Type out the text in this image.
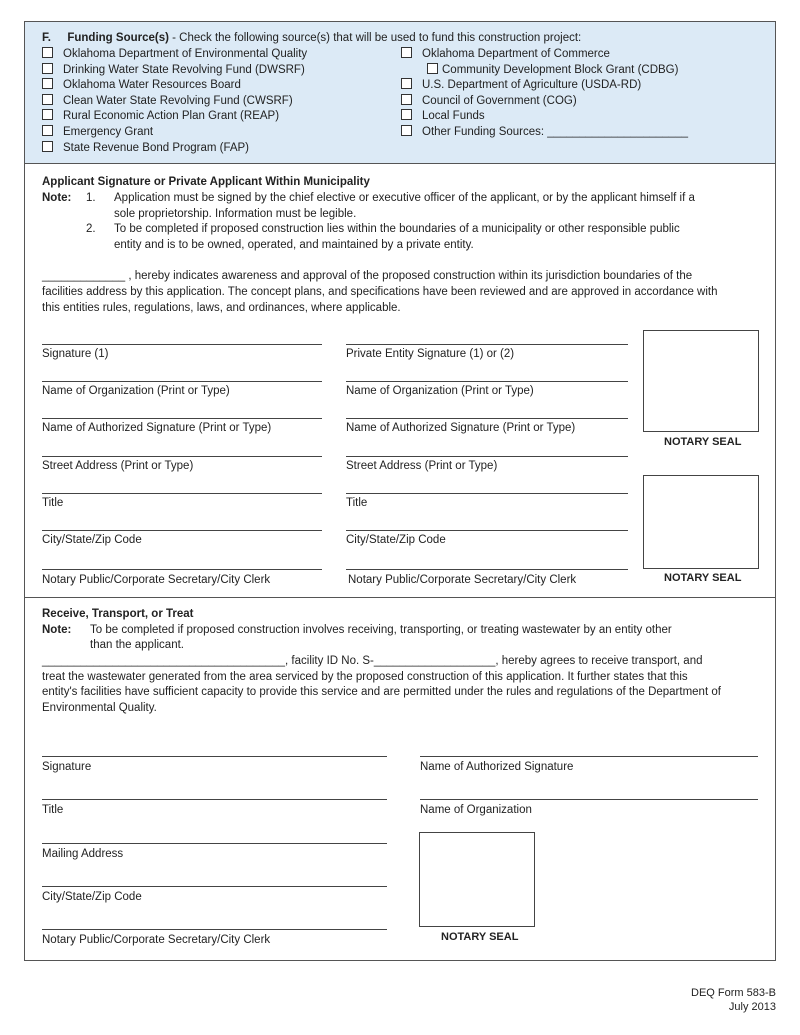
F. Funding Source(s) - Check the following source(s) that will be used to fund this construction project:
Oklahoma Department of Environmental Quality
Drinking Water State Revolving Fund (DWSRF)
Oklahoma Water Resources Board
Clean Water State Revolving Fund (CWSRF)
Rural Economic Action Plan Grant (REAP)
Emergency Grant
State Revenue Bond Program (FAP)
Oklahoma Department of Commerce
Community Development Block Grant (CDBG)
U.S. Department of Agriculture (USDA-RD)
Council of Government (COG)
Local Funds
Other Funding Sources: ______________________
Applicant Signature or Private Applicant Within Municipality
Note: 1. Application must be signed by the chief elective or executive officer of the applicant, or by the applicant himself if a
sole proprietorship. Information must be legible.
2. To be completed if proposed construction lies within the boundaries of a municipality or other responsible public
entity and is to be owned, operated, and maintained by a private entity.
_____________ , hereby indicates awareness and approval of the proposed construction within its jurisdiction boundaries of the
facilities address by this application. The concept plans, and specifications have been reviewed and are approved in accordance with
this entities rules, regulations, laws, and ordinances, where applicable.
Signature (1)
Name of Organization (Print or Type)
Name of Authorized Signature (Print or Type)
Street Address (Print or Type)
Title
City/State/Zip Code
Notary Public/Corporate Secretary/City Clerk
Private Entity Signature (1) or (2)
Name of Organization (Print or Type)
Name of Authorized Signature (Print or Type)
Street Address (Print or Type)
Title
City/State/Zip Code
Notary Public/Corporate Secretary/City Clerk
NOTARY SEAL
NOTARY SEAL
Receive, Transport, or Treat
Note: To be completed if proposed construction involves receiving, transporting, or treating wastewater by an entity other
than the applicant.
______________________________________, facility ID No. S-___________________, hereby agrees to receive transport, and
treat the wastewater generated from the area serviced by the proposed construction of this application. It further states that this
entity's facilities have sufficient capacity to provide this service and are permitted under the rules and regulations of the Department of
Environmental Quality.
Signature
Title
Mailing Address
City/State/Zip Code
Notary Public/Corporate Secretary/City Clerk
Name of Authorized Signature
Name of Organization
NOTARY SEAL
DEQ Form 583-B
July 2013
